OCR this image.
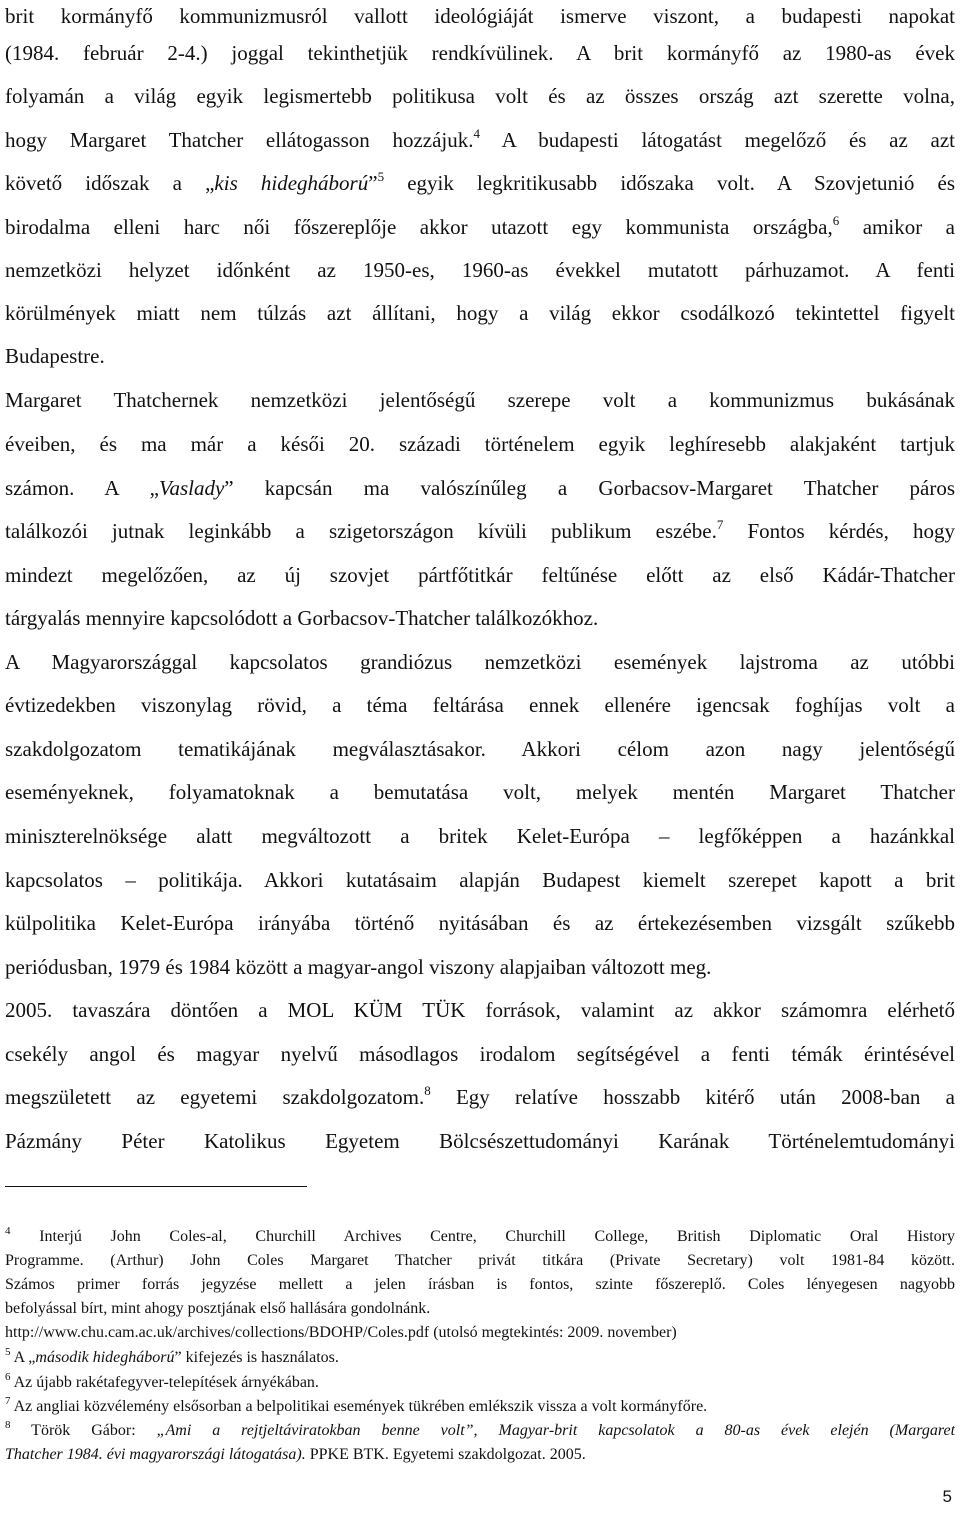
brit kormányfő kommunizmusról vallott ideológiáját ismerve viszont, a budapesti napokat
(1984. február 2-4.) joggal tekinthetjük rendkívülinek. A brit kormányfő az 1980-as évek
folyamán a világ egyik legismertebb politikusa volt és az összes ország azt szerette volna,
hogy Margaret Thatcher ellátogasson hozzájuk.$^4$ A budapesti látogatást megelőző és az azt
követő időszak a „kis hidegháború”$^5$ egyik legkritikusabb időszaka volt. A Szovjetunió és
birodalma elleni harc női főszereplője akkor utazott egy kommunista országba,$^6$ amikor a
nemzetközi helyzet időnként az 1950-es, 1960-as évekkel mutatott párhuzamot. A fenti
körülmények miatt nem túlzás azt állítani, hogy a világ ekkor csodálkozó tekintettel figyelt
Budapestre.
Margaret Thatchernek nemzetközi jelentőségű szerepe volt a kommunizmus bukásának
éveiben, és ma már a késői 20. századi történelem egyik leghíresebb alakjaként tartjuk
számon. A „Vaslady” kapcsán ma valószínűleg a Gorbacsov-Margaret Thatcher páros
találkozói jutnak leginkább a szigetországon kívüli publikum eszébe.$^7$ Fontos kérdés, hogy
mindezt megelőzően, az új szovjet pártfőtitkár feltűnése előtt az első Kádár-Thatcher
tárgyalás mennyire kapcsolódott a Gorbacsov-Thatcher találkozókhoz.
A Magyarországgal kapcsolatos grandiózus nemzetközi események lajstroma az utóbbi
évtizedekben viszonylag rövid, a téma feltárása ennek ellenére igencsak foghíjas volt a
szakdolgozatom tematikájának megválasztásakor. Akkori célom azon nagy jelentőségű
eseményeknek, folyamatoknak a bemutatása volt, melyek mentén Margaret Thatcher
miniszterelnöksége alatt megváltozott a britek Kelet-Európa – legfőképpen a hazánkkal
kapcsolatos – politikája. Akkori kutatásaim alapján Budapest kiemelt szerepet kapott a brit
külpolitika Kelet-Európa irányába történő nyitásában és az értekezésemben vizsgált szűkebb
periódusban, 1979 és 1984 között a magyar-angol viszony alapjaiban változott meg.
2005. tavaszára döntően a MOL KÜM TÜK források, valamint az akkor számomra elérhető
csekély angol és magyar nyelvű másodlagos irodalom segítségével a fenti témák érintésével
megszületett az egyetemi szakdolgozatom.$^8$ Egy relatíve hosszabb kitérő után 2008-ban a
Pázmány Péter Katolikus Egyetem Bölcsészettudományi Karának Történelemtudományi
$^4$ Interjú John Coles-al, Churchill Archives Centre, Churchill College, British Diplomatic Oral History
Programme. (Arthur) John Coles Margaret Thatcher privát titkára (Private Secretary) volt 1981-84 között.
Számos primer forrás jegyzése mellett a jelen írásban is fontos, szinte főszereplő. Coles lényegesen nagyobb
befolyással bírt, mint ahogy posztjának első hallására gondolnánk.
http://www.chu.cam.ac.uk/archives/collections/BDOHP/Coles.pdf (utolsó megtekintés: 2009. november)
$^5$ A „második hidegháború” kifejezés is használatos.
$^6$ Az újabb rakétafegyver-telepítések árnyékában.
$^7$ Az angliai közvélemény elsősorban a belpolitikai események tükrében emlékszik vissza a volt kormányfőre.
$^8$ Török Gábor: „Ami a rejtjeltáviratokban benne volt”, Magyar-brit kapcsolatok a 80-as évek elején (Margaret
Thatcher 1984. évi magyarországi látogatása). PPKE BTK. Egyetemi szakdolgozat. 2005.
5
